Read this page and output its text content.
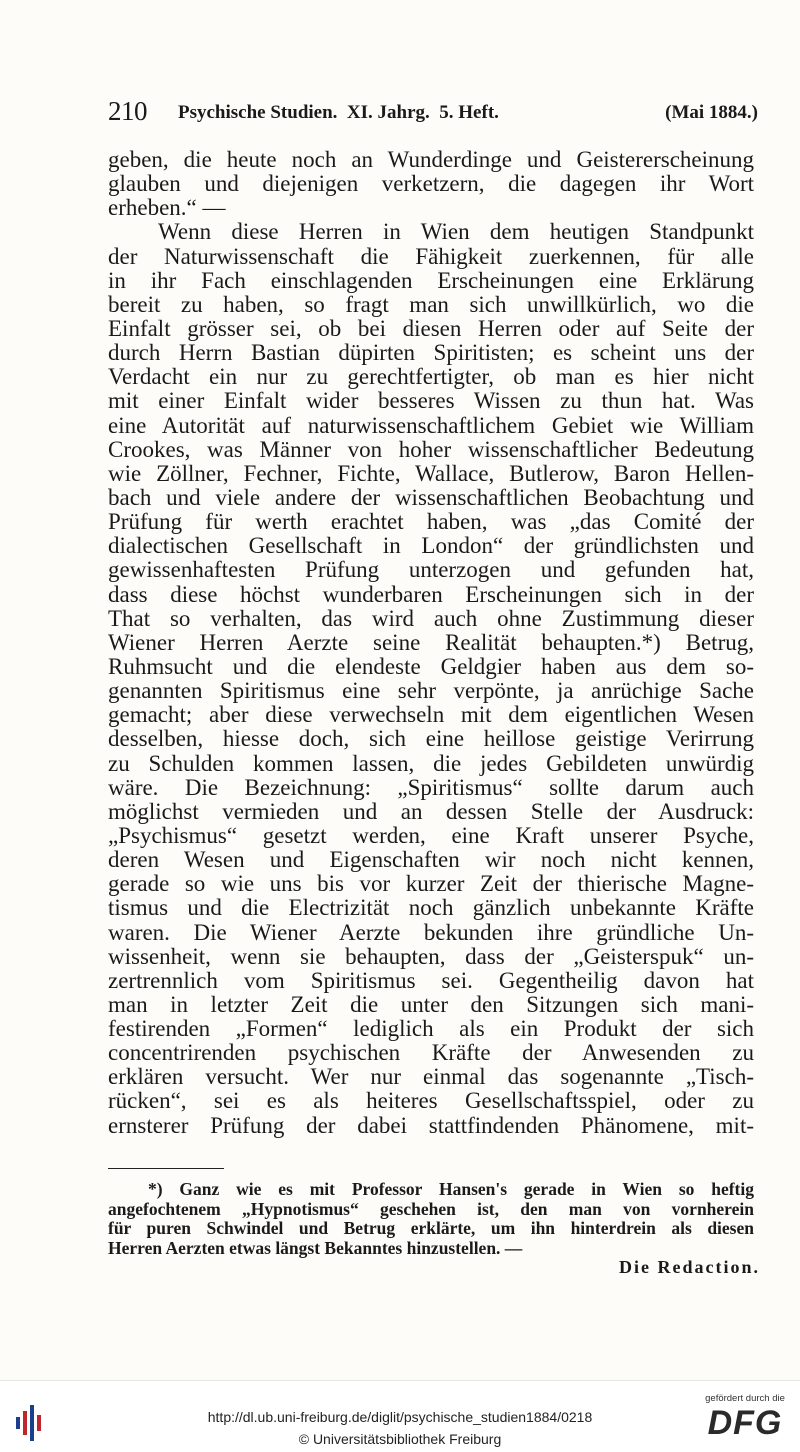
210 Psychische Studien.  XI. Jahrg.  5. Heft.	(Mai 1884.)
geben, die heute noch an Wunderdinge und Geistererscheinung
glauben und diejenigen verketzern, die dagegen ihr Wort
erheben.“ —
Wenn diese Herren in Wien dem heutigen Standpunkt
der Naturwissenschaft die Fähigkeit zuerkennen, für alle
in ihr Fach einschlagenden Erscheinungen eine Erklärung
bereit zu haben, so fragt man sich unwillkürlich, wo die
Einfalt grösser sei, ob bei diesen Herren oder auf Seite der
durch Herrn Bastian düpirten Spiritisten; es scheint uns der
Verdacht ein nur zu gerechtfertigter, ob man es hier nicht
mit einer Einfalt wider besseres Wissen zu thun hat. Was
eine Autorität auf naturwissenschaftlichem Gebiet wie William
Crookes, was Männer von hoher wissenschaftlicher Bedeutung
wie Zöllner, Fechner, Fichte, Wallace, Butlerow, Baron Hellen-
bach und viele andere der wissenschaftlichen Beobachtung und
Prüfung für werth erachtet haben, was „das Comité der
dialectischen Gesellschaft in London“ der gründlichsten und
gewissenhaftesten Prüfung unterzogen und gefunden hat,
dass diese höchst wunderbaren Erscheinungen sich in der
That so verhalten, das wird auch ohne Zustimmung dieser
Wiener Herren Aerzte seine Realität behaupten.*) Betrug,
Ruhmsucht und die elendeste Geldgier haben aus dem so-
genannten Spiritismus eine sehr verpönte, ja anrüchige Sache
gemacht; aber diese verwechseln mit dem eigentlichen Wesen
desselben, hiesse doch, sich eine heillose geistige Verirrung
zu Schulden kommen lassen, die jedes Gebildeten unwürdig
wäre. Die Bezeichnung: „Spiritismus“ sollte darum auch
möglichst vermieden und an dessen Stelle der Ausdruck:
„Psychismus“ gesetzt werden, eine Kraft unserer Psyche,
deren Wesen und Eigenschaften wir noch nicht kennen,
gerade so wie uns bis vor kurzer Zeit der thierische Magne-
tismus und die Electrizität noch gänzlich unbekannte Kräfte
waren. Die Wiener Aerzte bekunden ihre gründliche Un-
wissenheit, wenn sie behaupten, dass der „Geisterspuk“ un-
zertrennlich vom Spiritismus sei. Gegentheilig davon hat
man in letzter Zeit die unter den Sitzungen sich mani-
festirenden „Formen“ lediglich als ein Produkt der sich
concentrirenden psychischen Kräfte der Anwesenden zu
erklären versucht. Wer nur einmal das sogenannte „Tisch-
rücken“, sei es als heiteres Gesellschaftsspiel, oder zu
ernsterer Prüfung der dabei stattfindenden Phänomene, mit-
*) Ganz wie es mit Professor Hansen's gerade in Wien so heftig
angefochtenem „Hypnotismus“ geschehen ist, den man von vornherein
für puren Schwindel und Betrug erklärte, um ihn hinterdrein als diesen
Herren Aerzten etwas längst Bekanntes hinzustellen. —
Die Redaction.
http://dl.ub.uni-freiburg.de/diglit/psychische_studien1884/0218
© Universitätsbibliothek Freiburg
gefördert durch die
DFG
